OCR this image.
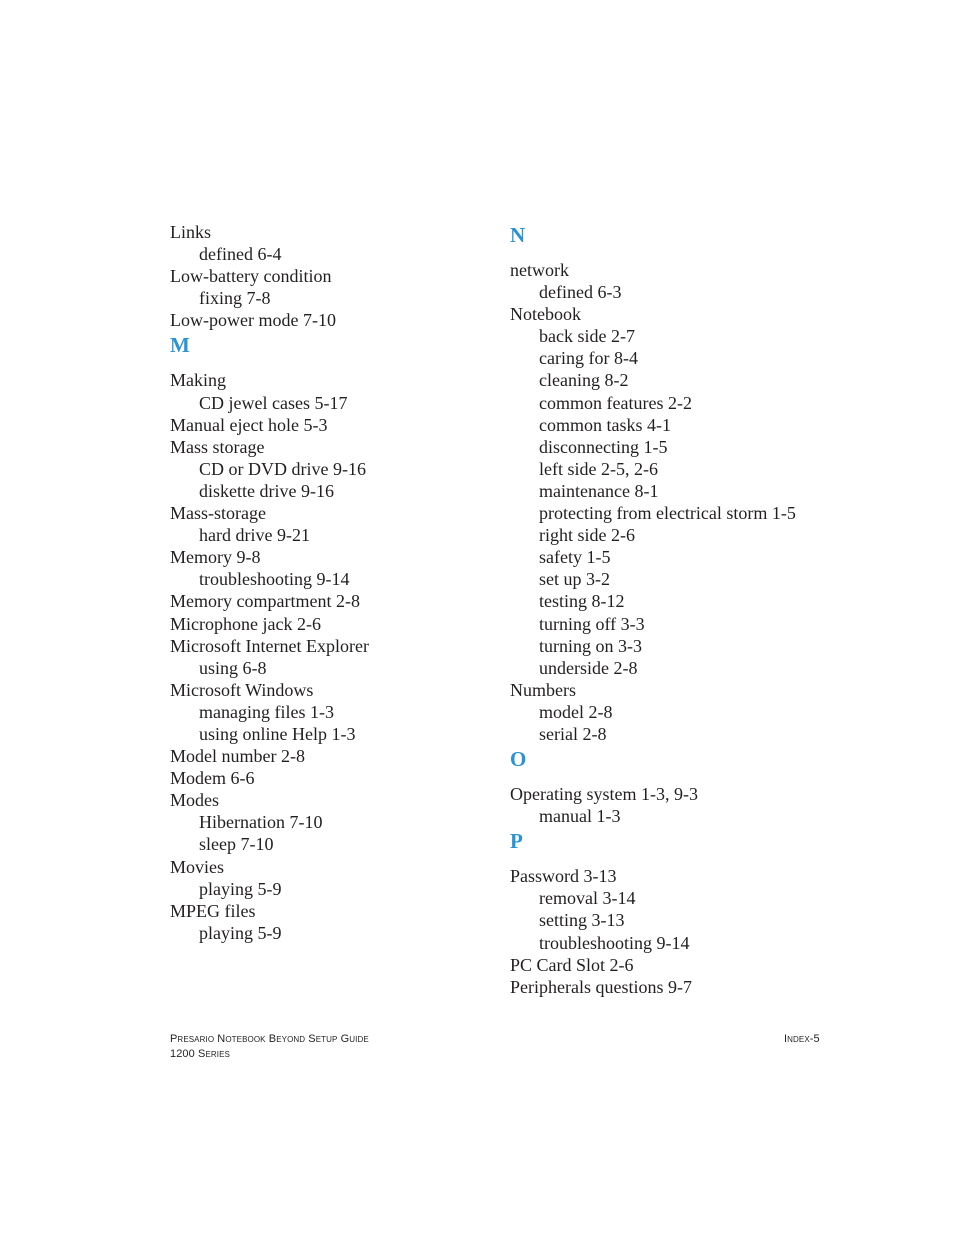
Links
defined 6-4
Low-battery condition
fixing 7-8
Low-power mode 7-10
M
Making
CD jewel cases 5-17
Manual eject hole 5-3
Mass storage
CD or DVD drive 9-16
diskette drive 9-16
Mass-storage
hard drive 9-21
Memory 9-8
troubleshooting 9-14
Memory compartment 2-8
Microphone jack 2-6
Microsoft Internet Explorer
using 6-8
Microsoft Windows
managing files 1-3
using online Help 1-3
Model number 2-8
Modem 6-6
Modes
Hibernation 7-10
sleep 7-10
Movies
playing 5-9
MPEG files
playing 5-9
N
network
defined 6-3
Notebook
back side 2-7
caring for 8-4
cleaning 8-2
common features 2-2
common tasks 4-1
disconnecting 1-5
left side 2-5, 2-6
maintenance 8-1
protecting from electrical storm 1-5
right side 2-6
safety 1-5
set up 3-2
testing 8-12
turning off 3-3
turning on 3-3
underside 2-8
Numbers
model 2-8
serial 2-8
O
Operating system 1-3, 9-3
manual 1-3
P
Password 3-13
removal 3-14
setting 3-13
troubleshooting 9-14
PC Card Slot 2-6
Peripherals questions 9-7
Presario Notebook Beyond Setup Guide
1200 Series
Index-5
